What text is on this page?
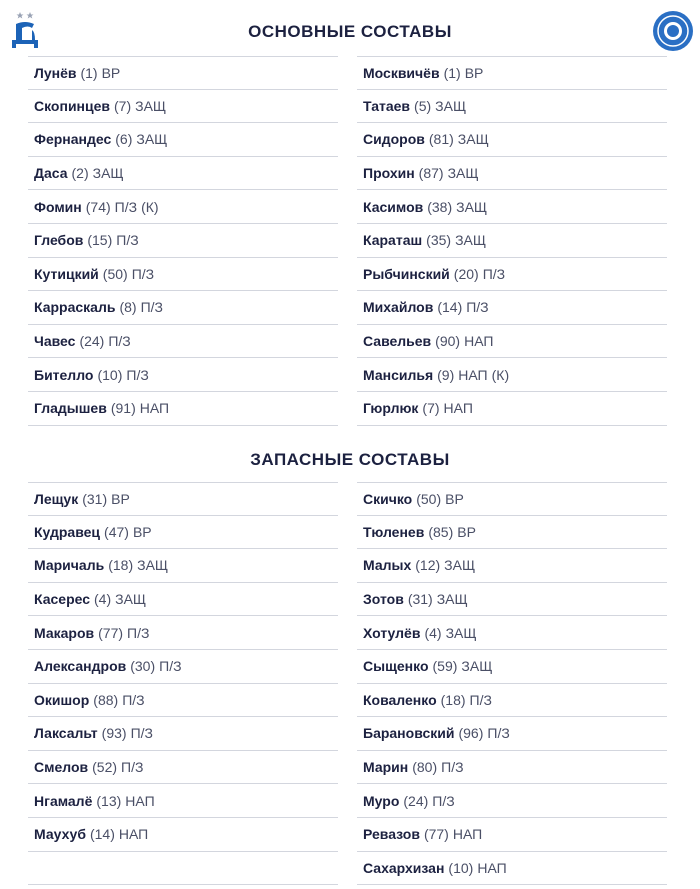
ОСНОВНЫЕ СОСТАВЫ
Лунёв (1) ВР
Скопинцев (7) ЗАЩ
Фернандес (6) ЗАЩ
Даса (2) ЗАЩ
Фомин (74) П/З (К)
Глебов (15) П/З
Кутицкий (50) П/З
Карраскаль (8) П/З
Чавес (24) П/З
Бителло (10) П/З
Гладышев (91) НАП
Москвичёв (1) ВР
Татаев (5) ЗАЩ
Сидоров (81) ЗАЩ
Прохин (87) ЗАЩ
Касимов (38) ЗАЩ
Караташ (35) ЗАЩ
Рыбчинский (20) П/З
Михайлов (14) П/З
Савельев (90) НАП
Мансилья (9) НАП (К)
Гюрлюк (7) НАП
ЗАПАСНЫЕ СОСТАВЫ
Лещук (31) ВР
Кудравец (47) ВР
Маричаль (18) ЗАЩ
Касерес (4) ЗАЩ
Макаров (77) П/З
Александров (30) П/З
Окишор (88) П/З
Лаксальт (93) П/З
Смелов (52) П/З
Нгамалё (13) НАП
Маухуб (14) НАП
Скичко (50) ВР
Тюленев (85) ВР
Малых (12) ЗАЩ
Зотов (31) ЗАЩ
Хотулёв (4) ЗАЩ
Сыщенко (59) ЗАЩ
Коваленко (18) П/З
Барановский (96) П/З
Марин (80) П/З
Муро (24) П/З
Ревазов (77) НАП
Сахархизан (10) НАП
